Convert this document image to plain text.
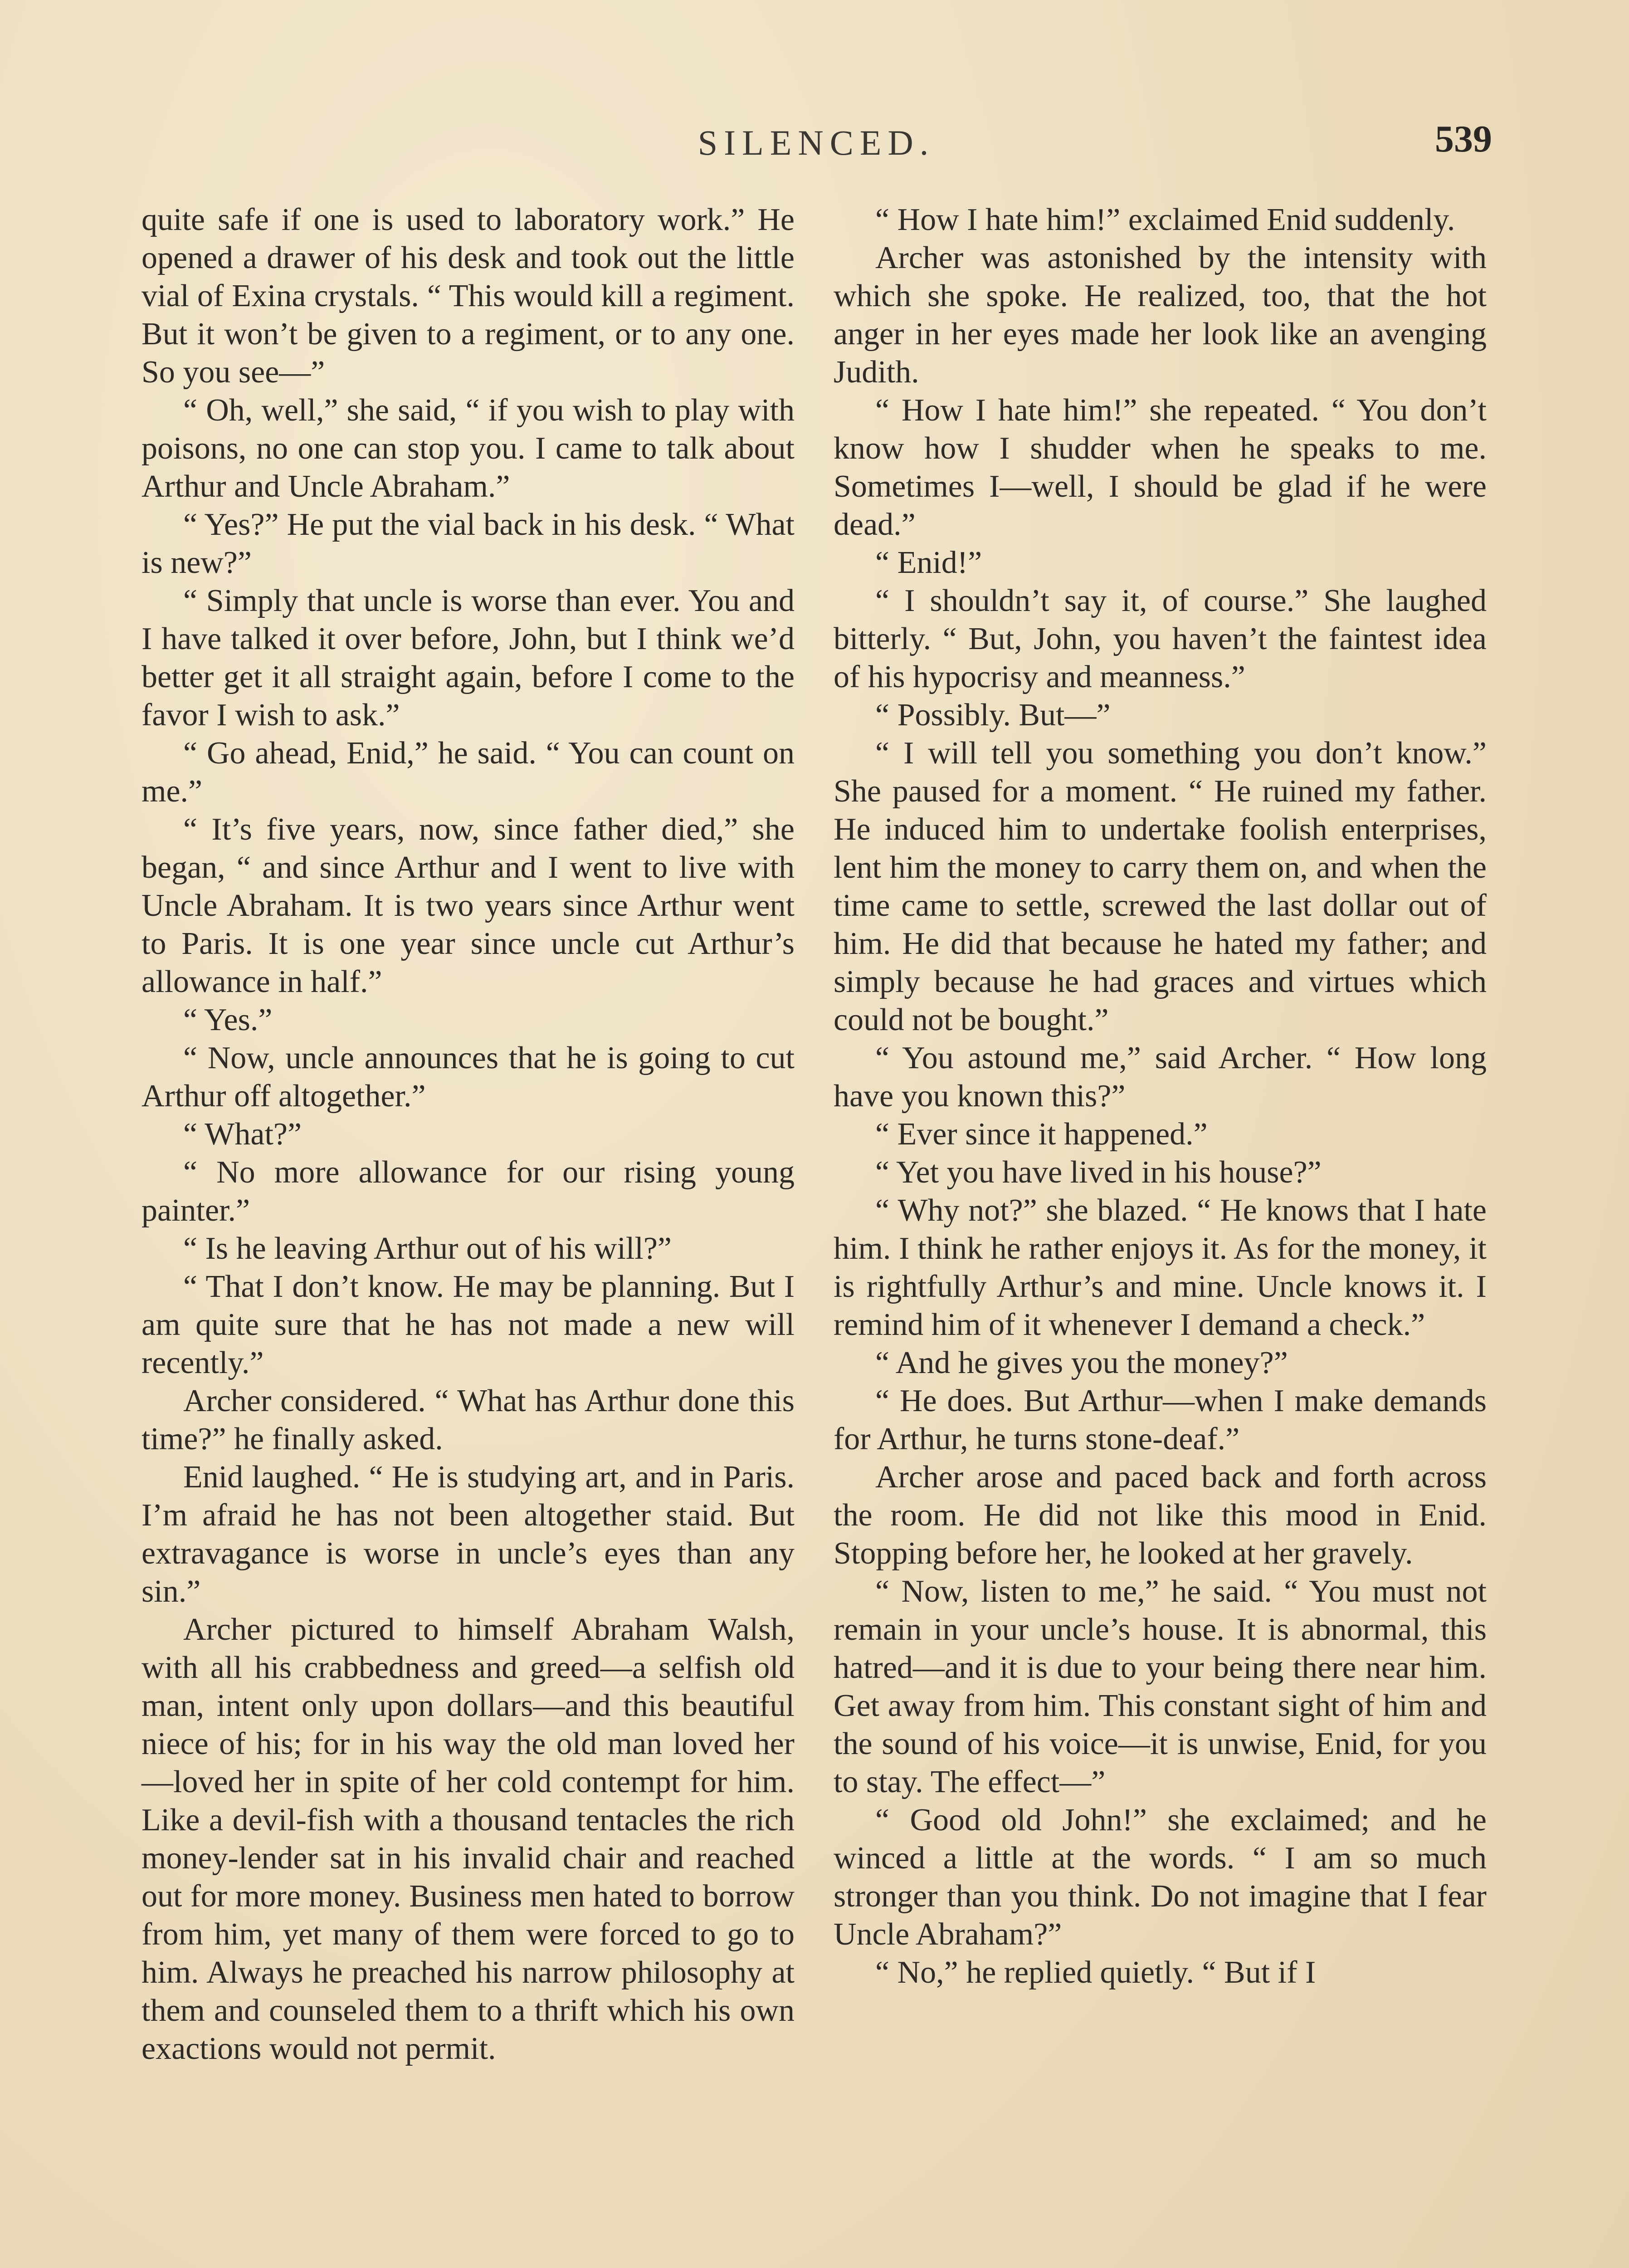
SILENCED.	539

quite safe if one is used to laboratory work.” He opened a drawer of his desk and took out the little vial of Exina crystals. “ This would kill a regiment. But it won’t be given to a regiment, or to any one. So you see—”

“ Oh, well,” she said, “ if you wish to play with poisons, no one can stop you. I came to talk about Arthur and Uncle Abraham.”

“ Yes?” He put the vial back in his desk. “ What is new?”

“ Simply that uncle is worse than ever. You and I have talked it over before, John, but I think we’d better get it all straight again, before I come to the favor I wish to ask.”

“ Go ahead, Enid,” he said. “ You can count on me.”

“ It’s five years, now, since father died,” she began, “ and since Arthur and I went to live with Uncle Abraham. It is two years since Arthur went to Paris. It is one year since uncle cut Arthur’s allowance in half.”

“ Yes.”

“ Now, uncle announces that he is going to cut Arthur off altogether.”

“ What?”

“ No more allowance for our rising young painter.”

“ Is he leaving Arthur out of his will?”

“ That I don’t know. He may be planning. But I am quite sure that he has not made a new will recently.”

Archer considered. “ What has Arthur done this time?” he finally asked.

Enid laughed. “ He is studying art, and in Paris. I’m afraid he has not been altogether staid. But extravagance is worse in uncle’s eyes than any sin.”

Archer pictured to himself Abraham Walsh, with all his crabbedness and greed—a selfish old man, intent only upon dollars—and this beautiful niece of his; for in his way the old man loved her—loved her in spite of her cold contempt for him. Like a devil-fish with a thousand tentacles the rich money-lender sat in his invalid chair and reached out for more money. Business men hated to borrow from him, yet many of them were forced to go to him. Always he preached his narrow philosophy at them and counseled them to a thrift which his own exactions would not permit.

“ How I hate him!” exclaimed Enid suddenly.

Archer was astonished by the intensity with which she spoke. He realized, too, that the hot anger in her eyes made her look like an avenging Judith.

“ How I hate him!” she repeated. “ You don’t know how I shudder when he speaks to me. Sometimes I—well, I should be glad if he were dead.”

“ Enid!”

“ I shouldn’t say it, of course.” She laughed bitterly. “ But, John, you haven’t the faintest idea of his hypocrisy and meanness.”

“ Possibly. But—”

“ I will tell you something you don’t know.” She paused for a moment. “ He ruined my father. He induced him to undertake foolish enterprises, lent him the money to carry them on, and when the time came to settle, screwed the last dollar out of him. He did that because he hated my father; and simply because he had graces and virtues which could not be bought.”

“ You astound me,” said Archer. “ How long have you known this?”

“ Ever since it happened.”

“ Yet you have lived in his house?”

“ Why not?” she blazed. “ He knows that I hate him. I think he rather enjoys it. As for the money, it is rightfully Arthur’s and mine. Uncle knows it. I remind him of it whenever I demand a check.”

“ And he gives you the money?”

“ He does. But Arthur—when I make demands for Arthur, he turns stone-deaf.”

Archer arose and paced back and forth across the room. He did not like this mood in Enid. Stopping before her, he looked at her gravely.

“ Now, listen to me,” he said. “ You must not remain in your uncle’s house. It is abnormal, this hatred—and it is due to your being there near him. Get away from him. This constant sight of him and the sound of his voice—it is unwise, Enid, for you to stay. The effect—”

“ Good old John!” she exclaimed; and he winced a little at the words. “ I am so much stronger than you think. Do not imagine that I fear Uncle Abraham?”

“ No,” he replied quietly. “ But if I
